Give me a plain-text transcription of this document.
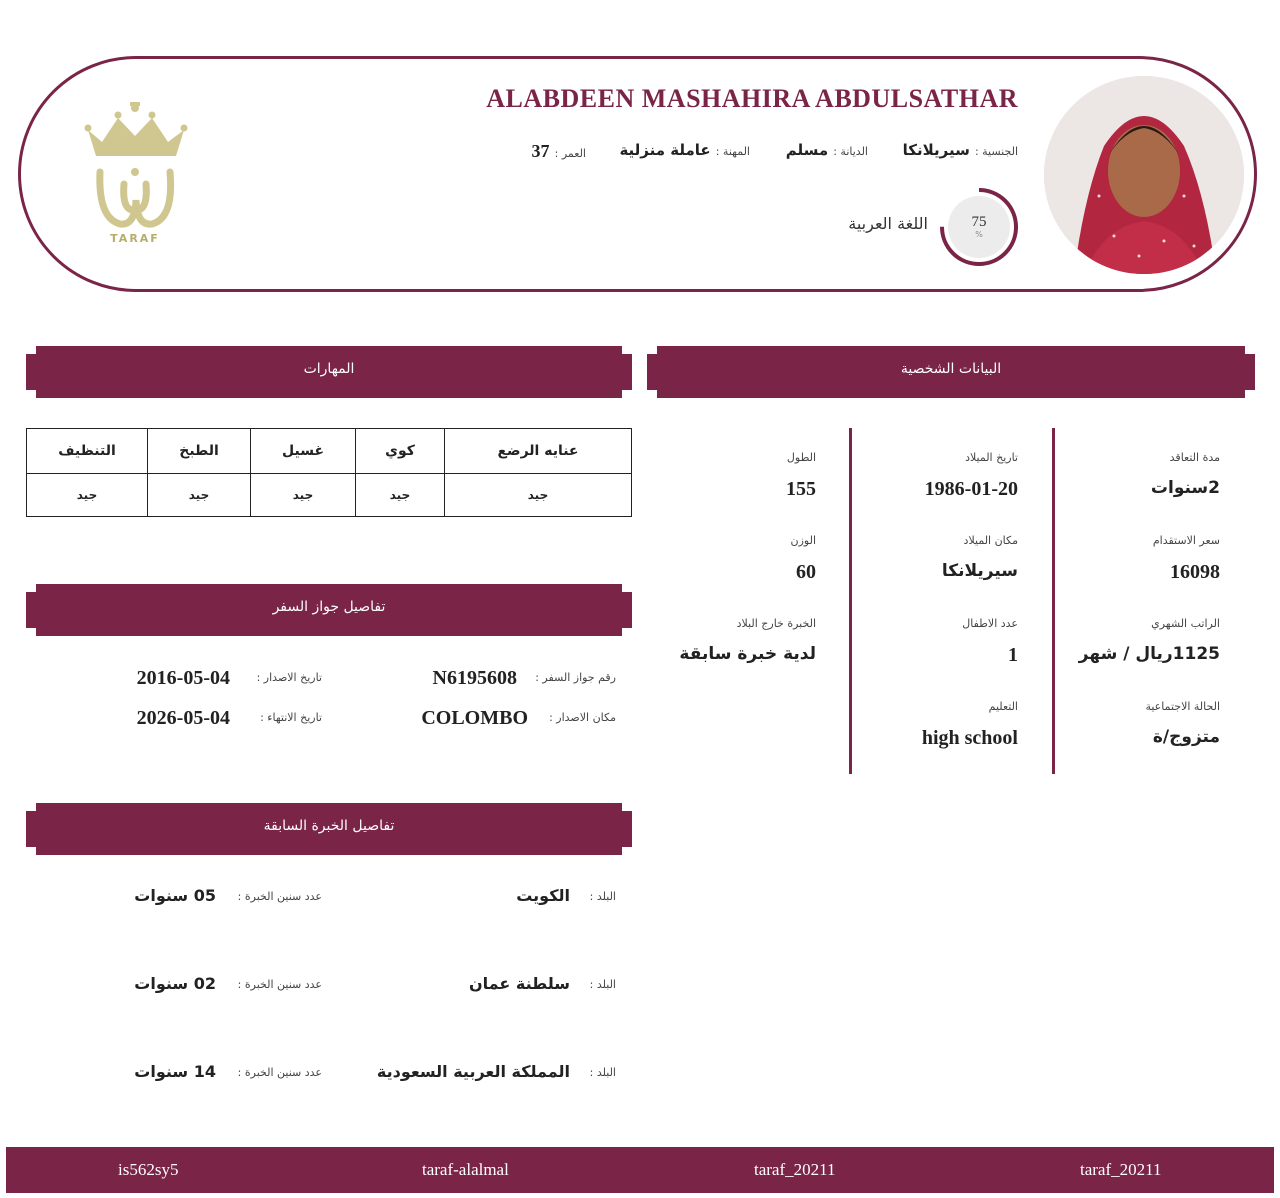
TARAF
ALABDEEN MASHAHIRA ABDULSATHAR
الجنسية : سيريلانكا
الديانة : مسلم
المهنة : عاملة منزلية
العمر : 37
75
%
اللغة العربية
المهارات	البيانات الشخصية
تفاصيل جواز السفر
تفاصيل الخبرة السابقة
عنايه الرضع	كوي	غسيل	الطبخ	التنظيف
جيد	جيد	جيد	جيد	جيد
مدة التعاقد
2سنوات
سعر الاستقدام
16098
الراتب الشهري
1125ريال / شهر
الحالة الاجتماعية
متزوج/ة
تاريخ الميلاد
1986-01-20
مكان الميلاد
سيريلانكا
عدد الاطفال
1
التعليم
high school
الطول
155
الوزن
60
الخبرة خارج البلاد
لدية خبرة سابقة
رقم جواز السفر :
N6195608
تاريخ الاصدار :
2016-05-04
مكان الاصدار :
COLOMBO
تاريخ الانتهاء :
2026-05-04
البلد :
الكويت
عدد سنين الخبرة :
05 سنوات
البلد :
سلطنة عمان
عدد سنين الخبرة :
02 سنوات
البلد :
المملكة العربية السعودية
عدد سنين الخبرة :
14 سنوات
is562sy5	taraf-alalmal	taraf_20211	taraf_20211
